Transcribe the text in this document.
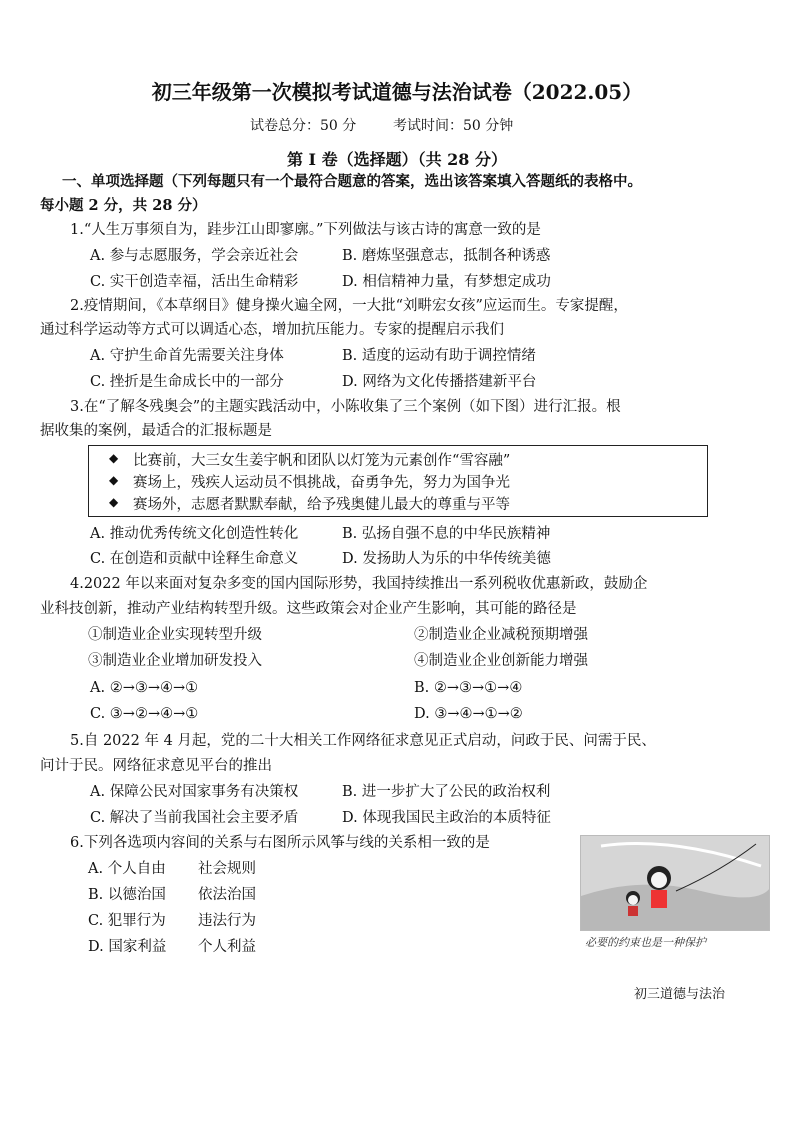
初三年级第一次模拟考试道德与法治试卷（2022.05）
试卷总分：50 分	考试时间：50 分钟
第 Ⅰ 卷（选择题）（共 28 分）
一、单项选择题（下列每题只有一个最符合题意的答案，选出该答案填入答题纸的表格中。
每小题 2 分，共 28 分）
1.“人生万事须自为，跬步江山即寥廓。”下列做法与该古诗的寓意一致的是
A. 参与志愿服务，学会亲近社会	B. 磨炼坚强意志，抵制各种诱惑
C. 实干创造幸福，活出生命精彩	D. 相信精神力量，有梦想定成功
2.疫情期间，《本草纲目》健身操火遍全网，一大批“刘畊宏女孩”应运而生。专家提醒，
通过科学运动等方式可以调适心态，增加抗压能力。专家的提醒启示我们
A. 守护生命首先需要关注身体	B. 适度的运动有助于调控情绪
C. 挫折是生命成长中的一部分	D. 网络为文化传播搭建新平台
3.在“了解冬残奥会”的主题实践活动中，小陈收集了三个案例（如下图）进行汇报。根
据收集的案例，最适合的汇报标题是
◆ 比赛前，大三女生姜宇帆和团队以灯笼为元素创作“雪容融”
◆ 赛场上，残疾人运动员不惧挑战，奋勇争先，努力为国争光
◆ 赛场外，志愿者默默奉献，给予残奥健儿最大的尊重与平等
A. 推动优秀传统文化创造性转化	B. 弘扬自强不息的中华民族精神
C. 在创造和贡献中诠释生命意义	D. 发扬助人为乐的中华传统美德
4.2022 年以来面对复杂多变的国内国际形势，我国持续推出一系列税收优惠新政，鼓励企
业科技创新，推动产业结构转型升级。这些政策会对企业产生影响，其可能的路径是
①制造业企业实现转型升级	②制造业企业减税预期增强
③制造业企业增加研发投入	④制造业企业创新能力增强
A. ②→③→④→①	B. ②→③→①→④
C. ③→②→④→①	D. ③→④→①→②
5.自 2022 年 4 月起，党的二十大相关工作网络征求意见正式启动，问政于民、问需于民、
问计于民。网络征求意见平台的推出
A. 保障公民对国家事务有决策权	B. 进一步扩大了公民的政治权利
C. 解决了当前我国社会主要矛盾	D. 体现我国民主政治的本质特征
6.下列各选项内容间的关系与右图所示风筝与线的关系相一致的是
A. 个人自由 社会规则
B. 以德治国 依法治国
C. 犯罪行为 违法行为
D. 国家利益 个人利益	必要的约束也是一种保护
初三道德与法治
